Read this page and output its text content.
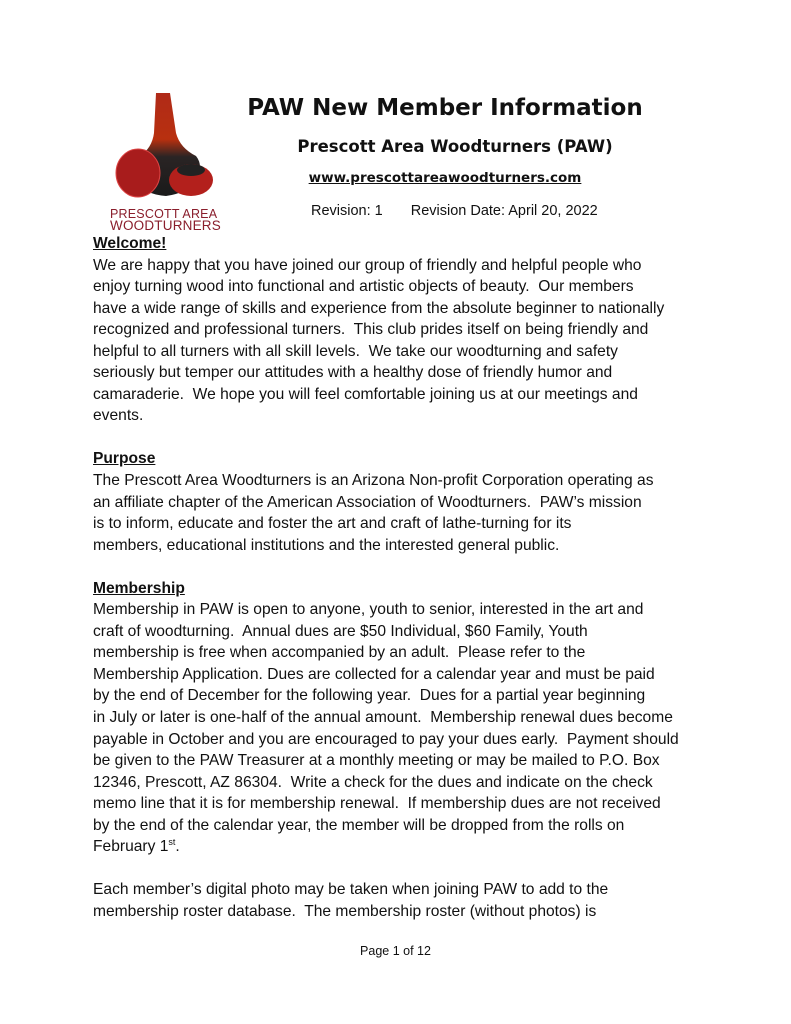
PRESCOTT AREA
WOODTURNERS
PAW New Member Information
Prescott Area Woodturners (PAW)
www.prescottareawoodturners.com
Revision: 1 Revision Date: April 20, 2022
Welcome!
We are happy that you have joined our group of friendly and helpful people who
enjoy turning wood into functional and artistic objects of beauty.  Our members
have a wide range of skills and experience from the absolute beginner to nationally
recognized and professional turners.  This club prides itself on being friendly and
helpful to all turners with all skill levels.  We take our woodturning and safety
seriously but temper our attitudes with a healthy dose of friendly humor and
camaraderie.  We hope you will feel comfortable joining us at our meetings and
events.
Purpose
The Prescott Area Woodturners is an Arizona Non-profit Corporation operating as
an affiliate chapter of the American Association of Woodturners.  PAW’s mission
is to inform, educate and foster the art and craft of lathe-turning for its
members, educational institutions and the interested general public.
Membership
Membership in PAW is open to anyone, youth to senior, interested in the art and
craft of woodturning.  Annual dues are $50 Individual, $60 Family, Youth
membership is free when accompanied by an adult.  Please refer to the
Membership Application. Dues are collected for a calendar year and must be paid
by the end of December for the following year.  Dues for a partial year beginning
in July or later is one-half of the annual amount.  Membership renewal dues become
payable in October and you are encouraged to pay your dues early.  Payment should
be given to the PAW Treasurer at a monthly meeting or may be mailed to P.O. Box
12346, Prescott, AZ 86304.  Write a check for the dues and indicate on the check
memo line that it is for membership renewal.  If membership dues are not received
by the end of the calendar year, the member will be dropped from the rolls on
February 1st.
Each member’s digital photo may be taken when joining PAW to add to the
membership roster database.  The membership roster (without photos) is
Page 1 of 12
